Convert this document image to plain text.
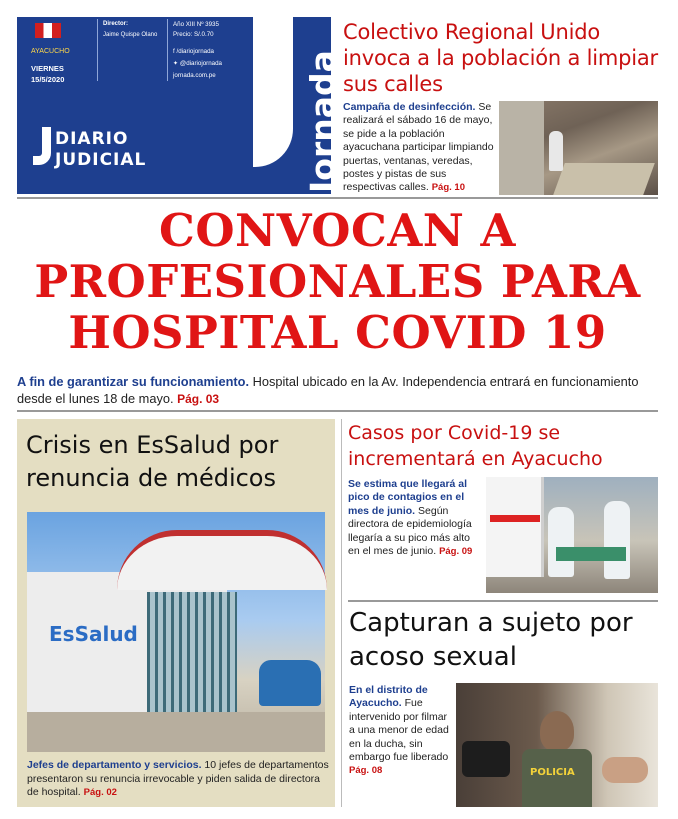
AYACUCHO
VIERNES
15/5/2020
Director:
Jaime Quispe Olano
Año XIII Nº 3935
Precio: S/.0.70
f /diariojornada
✦ @diariojornada
jornada.com.pe
DIARIO
JUDICIAL	Jornada
Colectivo Regional Unido invoca a la población a limpiar sus calles
Campaña de desinfección. Se realizará el sábado 16 de mayo, se pide a la población ayacuchana participar limpiando puertas, ventanas, veredas, postes y pistas de sus respectivas calles. Pág. 10
CONVOCAN A
PROFESIONALES PARA
HOSPITAL COVID 19
A fin de garantizar su funcionamiento. Hospital ubicado en la Av. Independencia entrará en funcionamiento desde el lunes 18 de mayo. Pág. 03
Crisis en EsSalud por renuncia de médicos
EsSalud
Jefes de departamento y servicios. 10 jefes de departamentos presentaron su renuncia irrevocable y piden salida de directora de hospital. Pág. 02
Casos por Covid-19 se incrementará en Ayacucho
Se estima que llegará al pico de contagios en el mes de junio. Según directora de epidemiología llegaría a su pico más alto en el mes de junio. Pág. 09
Capturan a sujeto por acoso sexual
En el distrito de Ayacucho. Fue intervenido por filmar a una menor de edad en la ducha, sin embargo fue liberado Pág. 08	POLICIA
